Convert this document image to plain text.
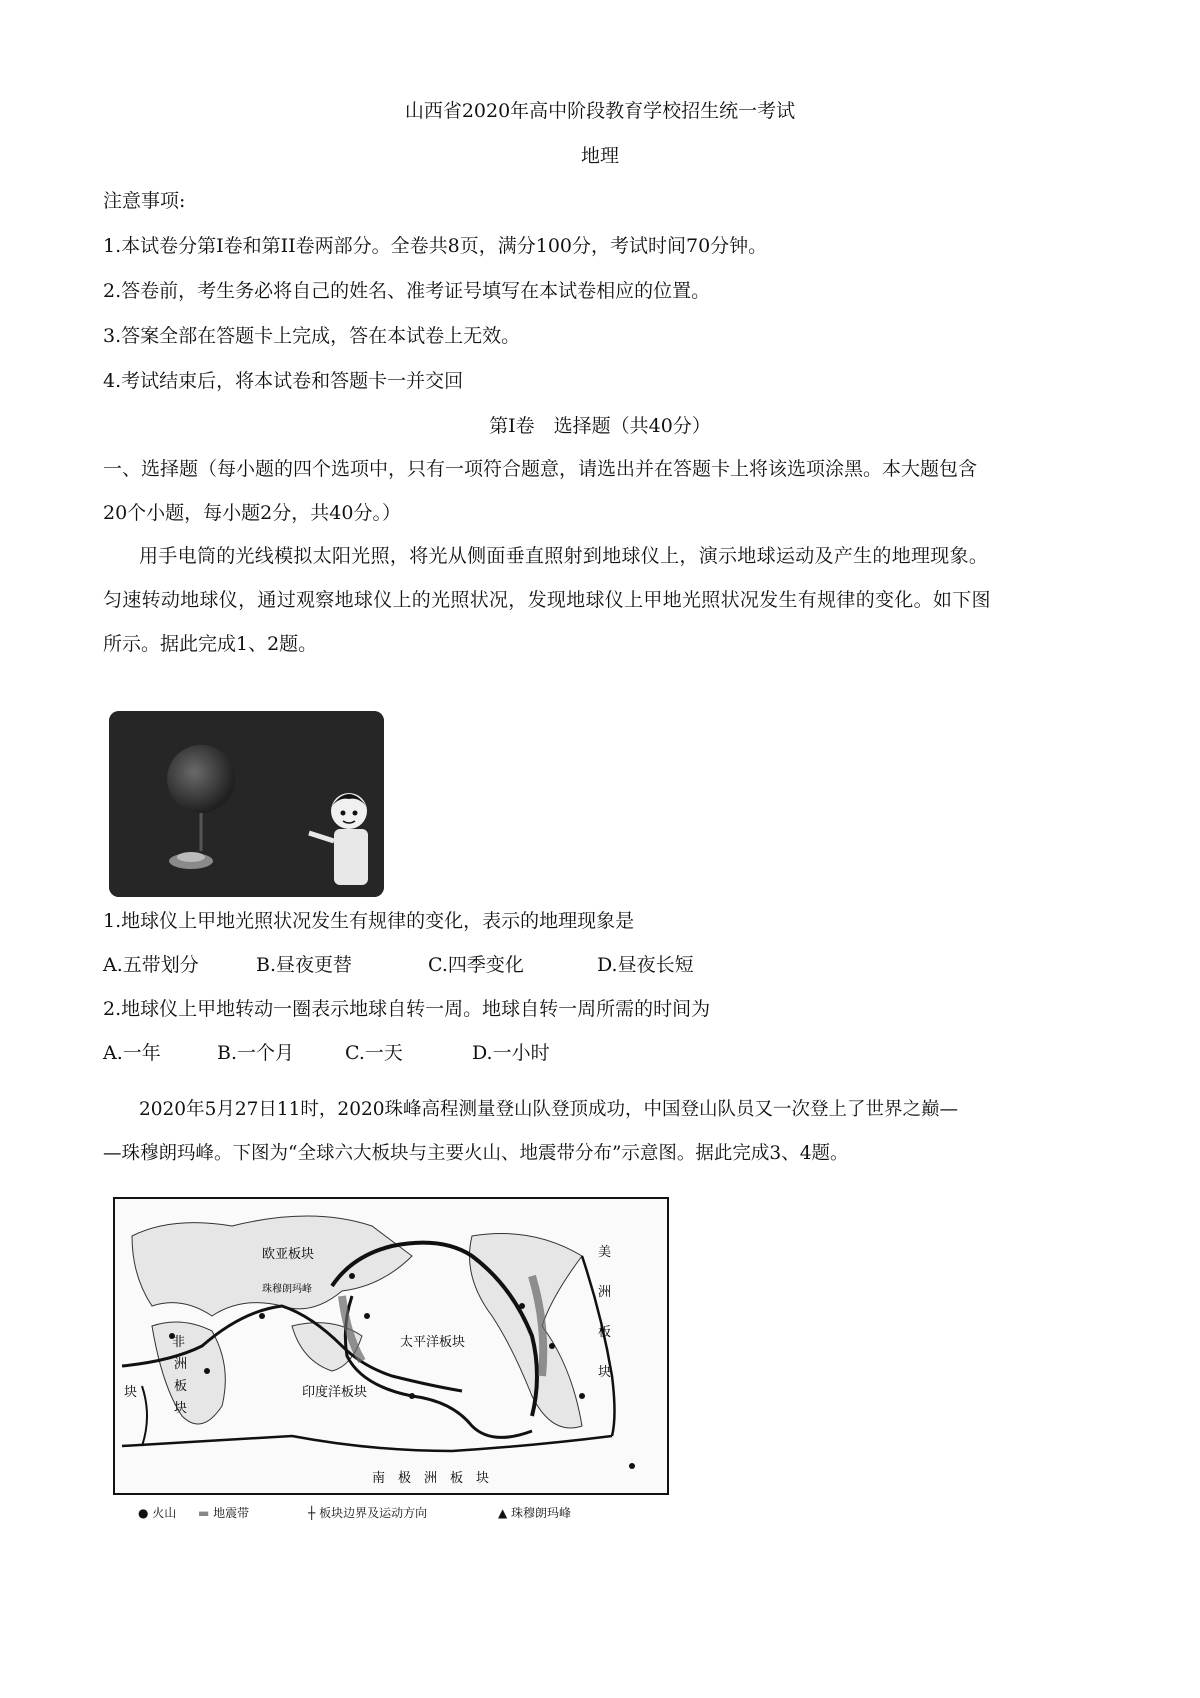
山西省2020年高中阶段教育学校招生统一考试
地理
注意事项:
1.本试卷分第I卷和第II卷两部分。全卷共8页，满分100分，考试时间70分钟。
2.答卷前，考生务必将自己的姓名、准考证号填写在本试卷相应的位置。
3.答案全部在答题卡上完成，答在本试卷上无效。
4.考试结束后，将本试卷和答题卡一并交回
第I卷　选择题（共40分）
一、选择题（每小题的四个选项中，只有一项符合题意，请选出并在答题卡上将该选项涂黑。本大题包含
20个小题，每小题2分，共40分。）
用手电筒的光线模拟太阳光照，将光从侧面垂直照射到地球仪上，演示地球运动及产生的地理现象。
匀速转动地球仪，通过观察地球仪上的光照状况，发现地球仪上甲地光照状况发生有规律的变化。如下图
所示。据此完成1、2题。
1.地球仪上甲地光照状况发生有规律的变化，表示的地理现象是
A.五带划分	B.昼夜更替	C.四季变化	D.昼夜长短
2.地球仪上甲地转动一圈表示地球自转一周。地球自转一周所需的时间为
A.一年	B.一个月	C.一天	D.一小时
2020年5月27日11时，2020珠峰高程测量登山队登顶成功，中国登山队员又一次登上了世界之巅—
—珠穆朗玛峰。下图为“全球六大板块与主要火山、地震带分布”示意图。据此完成3、4题。
欧亚板块
珠穆朗玛峰
非
洲
板
块
太平洋板块
印度洋板块
美
洲
板
块
块
南　极　洲　板　块
● 火山 ▬ 地震带	┼ 板块边界及运动方向	▲ 珠穆朗玛峰
